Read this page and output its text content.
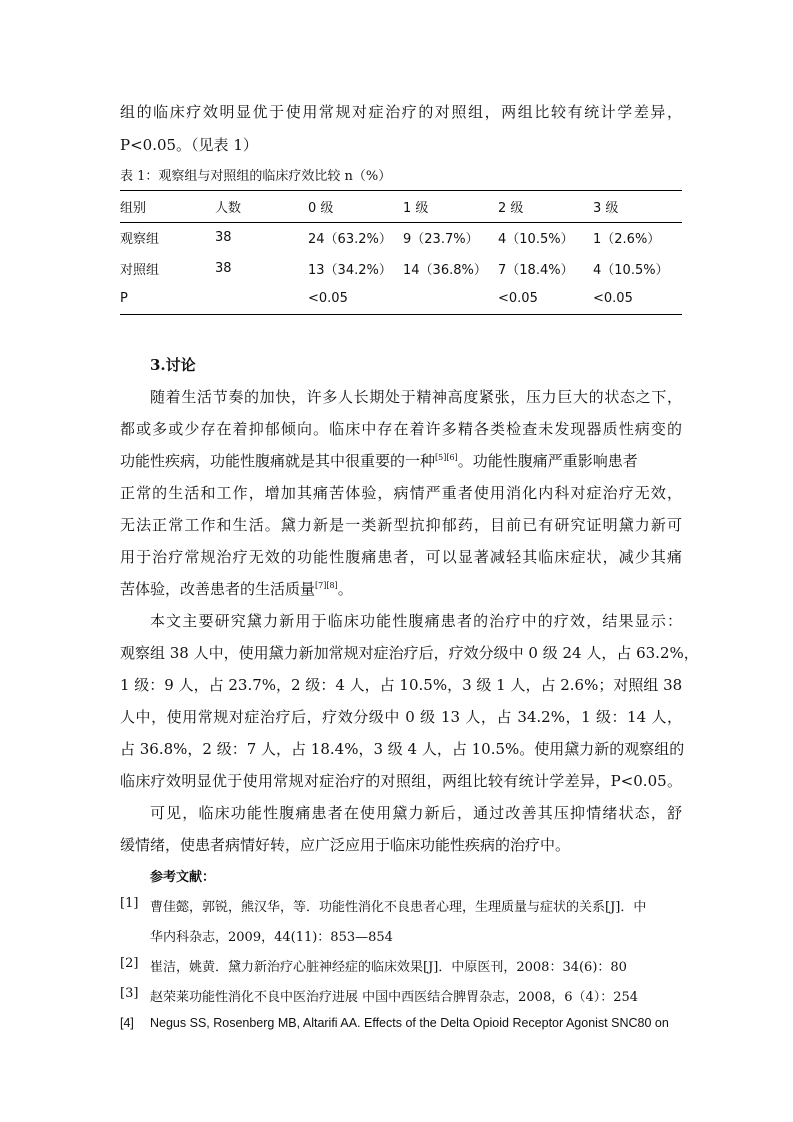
组的临床疗效明显优于使用常规对症治疗的对照组，两组比较有统计学差异，
P<0.05。（见表 1）
表 1：观察组与对照组的临床疗效比较 n（%）
组别	人数	0 级	1 级	2 级	3 级
观察组	38	24（63.2%）	9（23.7%）	4（10.5%）	1（2.6%）
对照组	38	13（34.2%）	14（36.8%）	7（18.4%）	4（10.5%）
P		<0.05		<0.05	<0.05
3.讨论
随着生活节奏的加快，许多人长期处于精神高度紧张，压力巨大的状态之下，
都或多或少存在着抑郁倾向。临床中存在着许多精各类检查未发现器质性病变的
功能性疾病，功能性腹痛就是其中很重要的一种[5][6]。功能性腹痛严重影响患者
正常的生活和工作，增加其痛苦体验，病情严重者使用消化内科对症治疗无效，
无法正常工作和生活。黛力新是一类新型抗抑郁药，目前已有研究证明黛力新可
用于治疗常规治疗无效的功能性腹痛患者，可以显著减轻其临床症状，减少其痛
苦体验，改善患者的生活质量[7][8]。
本文主要研究黛力新用于临床功能性腹痛患者的治疗中的疗效，结果显示：
观察组 38 人中，使用黛力新加常规对症治疗后，疗效分级中 0 级 24 人，占 63.2%，
1 级：9 人，占 23.7%，2 级：4 人，占 10.5%，3 级 1 人，占 2.6%；对照组 38
人中，使用常规对症治疗后，疗效分级中 0 级 13 人，占 34.2%，1 级：14 人，
占 36.8%，2 级：7 人，占 18.4%，3 级 4 人，占 10.5%。使用黛力新的观察组的
临床疗效明显优于使用常规对症治疗的对照组，两组比较有统计学差异，P<0.05。
可见，临床功能性腹痛患者在使用黛力新后，通过改善其压抑情绪状态，舒
缓情绪，使患者病情好转，应广泛应用于临床功能性疾病的治疗中。
参考文献：
[1] 曹佳懿，郭锐，熊汉华，等．功能性消化不良患者心理，生理质量与症状的关系[J]．中
华内科杂志，2009，44(11)：853—854
[2] 崔洁，姚黄．黛力新治疗心脏神经症的临床效果[J]．中原医刊，2008：34(6)：80
[3] 赵荣莱功能性消化不良中医治疗进展 中国中西医结合脾胃杂志，2008，6（4）：254
[4] Negus SS, Rosenberg MB, Altarifi AA. Effects of the Delta Opioid Receptor Agonist SNC80 on
